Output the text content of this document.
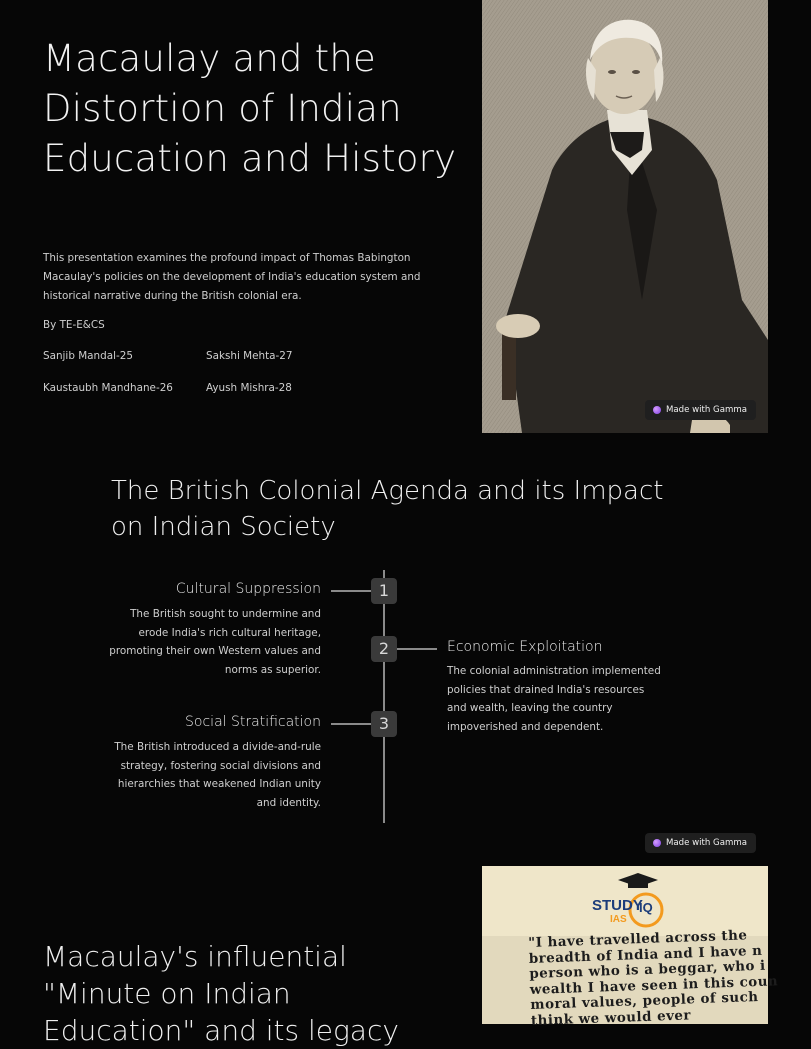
Macaulay and the Distortion of Indian Education and History

This presentation examines the profound impact of Thomas Babington Macaulay's policies on the development of India's education system and historical narrative during the British colonial era.

By TE-E&CS

Sanjib Mandal-25	Sakshi Mehta-27
Kaustaubh Mandhane-26	Ayush Mishra-28
Made with Gamma
The British Colonial Agenda and its Impact on Indian Society
1
Cultural Suppression
The British sought to undermine and erode India's rich cultural heritage, promoting their own Western values and norms as superior.
2	Economic Exploitation
The colonial administration implemented policies that drained India's resources and wealth, leaving the country impoverished and dependent.
3
Social Stratification
The British introduced a divide-and-rule strategy, fostering social divisions and hierarchies that weakened Indian unity and identity.
Made with Gamma
Macaulay's influential "Minute on Indian Education" and its legacy
STUDY
IQ
IAS
"I have travelled across the
breadth of India and I have n
person who is a beggar, who i
wealth I have seen in this coun
moral values, people of such
think we would ever
